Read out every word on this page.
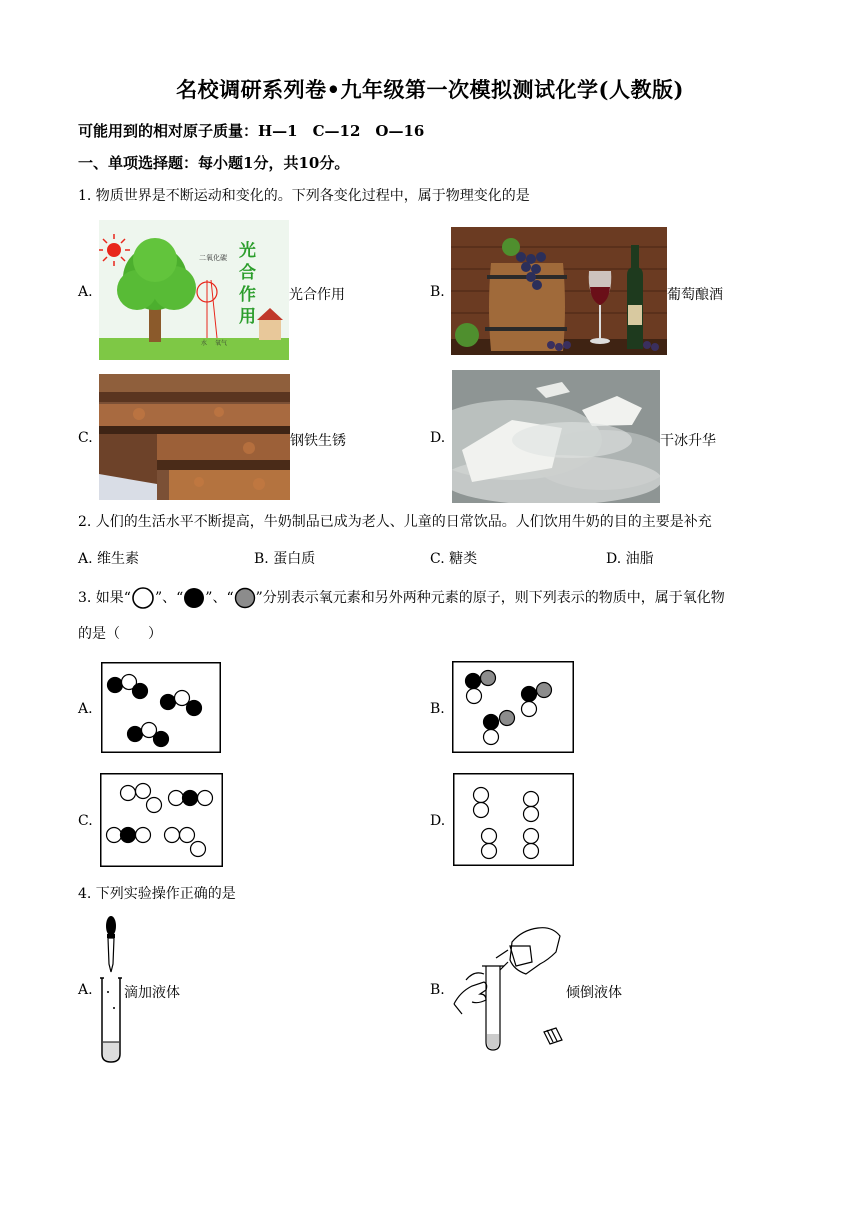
名校调研系列卷•九年级第一次模拟测试化学(人教版)
可能用到的相对原子质量：H—1　C—12　O—16
一、单项选择题：每小题1分，共10分。
1. 物质世界是不断运动和变化的。下列各变化过程中，属于物理变化的是
A.
二氧化碳
水 氧气
光
合
作
用
光合作用	B.	葡萄酿酒
C.	钢铁生锈	D.	干冰升华
2. 人们的生活水平不断提高，牛奶制品已成为老人、儿童的日常饮品。人们饮用牛奶的目的主要是补充
A. 维生素	B. 蛋白质	C. 糖类	D. 油脂
3. 如果“ ”、“ ”、“ ”分别表示氧元素和另外两种元素的原子，则下列表示的物质中，属于氧化物
的是（　　）
A.	B.
C.	D.
4. 下列实验操作正确的是
A. 滴加液体	B.	倾倒液体
